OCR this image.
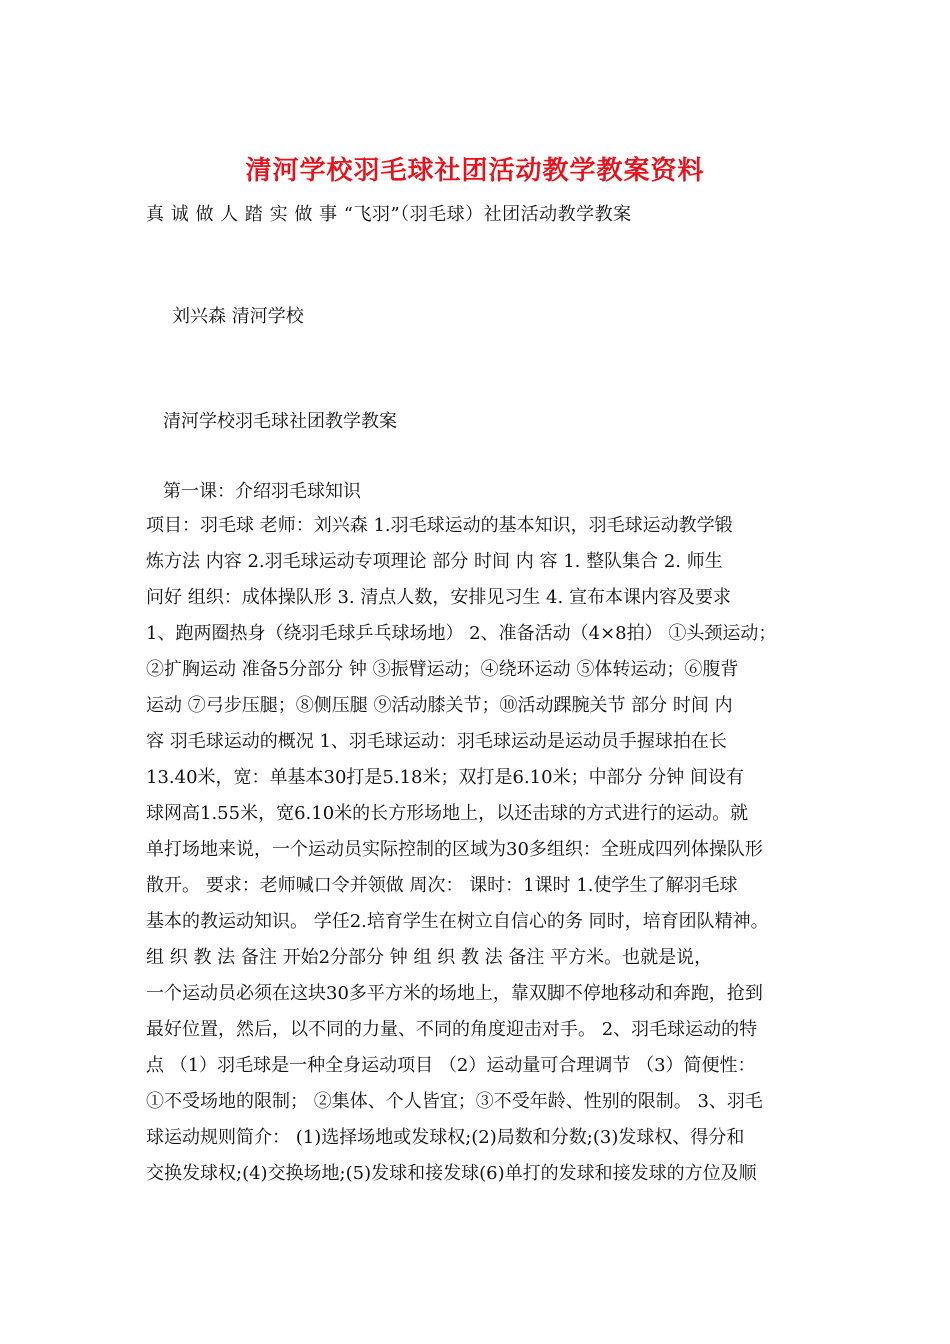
清河学校羽毛球社团活动教学教案资料
真 诚 做 人 踏 实 做 事 “飞羽”（羽毛球）社团活动教学教案
刘兴森 清河学校
清河学校羽毛球社团教学教案
第一课：介绍羽毛球知识
项目：羽毛球 老师：刘兴森 1.羽毛球运动的基本知识，羽毛球运动教学锻
炼方法 内容 2.羽毛球运动专项理论 部分 时间 内 容 1. 整队集合 2. 师生
问好 组织：成体操队形 3. 清点人数，安排见习生 4. 宣布本课内容及要求
1、跑两圈热身（绕羽毛球乒乓球场地） 2、准备活动（4×8拍） ①头颈运动；
②扩胸运动 准备5分部分 钟 ③振臂运动；④绕环运动 ⑤体转运动；⑥腹背
运动 ⑦弓步压腿；⑧侧压腿 ⑨活动膝关节；⑩活动踝腕关节 部分 时间 内
容 羽毛球运动的概况 1、羽毛球运动：羽毛球运动是运动员手握球拍在长
13.40米，宽：单基本30打是5.18米；双打是6.10米；中部分 分钟 间设有
球网高1.55米，宽6.10米的长方形场地上，以还击球的方式进行的运动。就
单打场地来说，一个运动员实际控制的区域为30多组织：全班成四列体操队形
散开。 要求：老师喊口令并领做 周次： 课时：1课时 1.使学生了解羽毛球
基本的教运动知识。 学任2.培育学生在树立自信心的务 同时，培育团队精神。
组 织 教 法 备注 开始2分部分 钟 组 织 教 法 备注 平方米。也就是说，
一个运动员必须在这块30多平方米的场地上，靠双脚不停地移动和奔跑，抢到
最好位置，然后，以不同的力量、不同的角度迎击对手。 2、羽毛球运动的特
点 （1）羽毛球是一种全身运动项目 （2）运动量可合理调节 （3）简便性：
①不受场地的限制； ②集体、个人皆宜；③不受年龄、性别的限制。 3、羽毛
球运动规则简介： (1)选择场地或发球权;(2)局数和分数;(3)发球权、得分和
交换发球权;(4)交换场地;(5)发球和接发球(6)单打的发球和接发球的方位及顺
